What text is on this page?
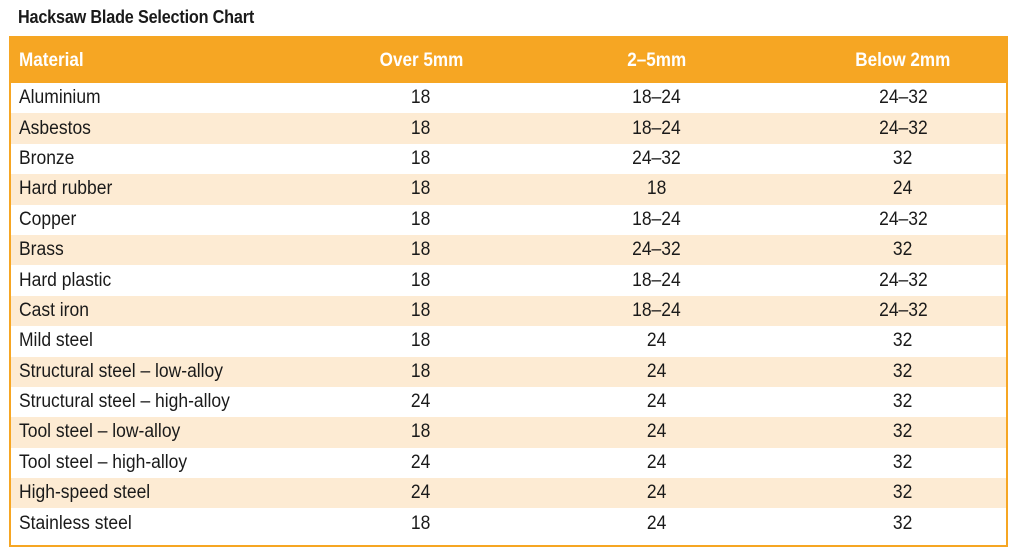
Hacksaw Blade Selection Chart
Material	Over 5mm	2–5mm	Below 2mm
Aluminium	18	18–24	24–32
Asbestos	18	18–24	24–32
Bronze	18	24–32	32
Hard rubber	18	18	24
Copper	18	18–24	24–32
Brass	18	24–32	32
Hard plastic	18	18–24	24–32
Cast iron	18	18–24	24–32
Mild steel	18	24	32
Structural steel – low-alloy	18	24	32
Structural steel – high-alloy	24	24	32
Tool steel – low-alloy	18	24	32
Tool steel – high-alloy	24	24	32
High-speed steel	24	24	32
Stainless steel	18	24	32
